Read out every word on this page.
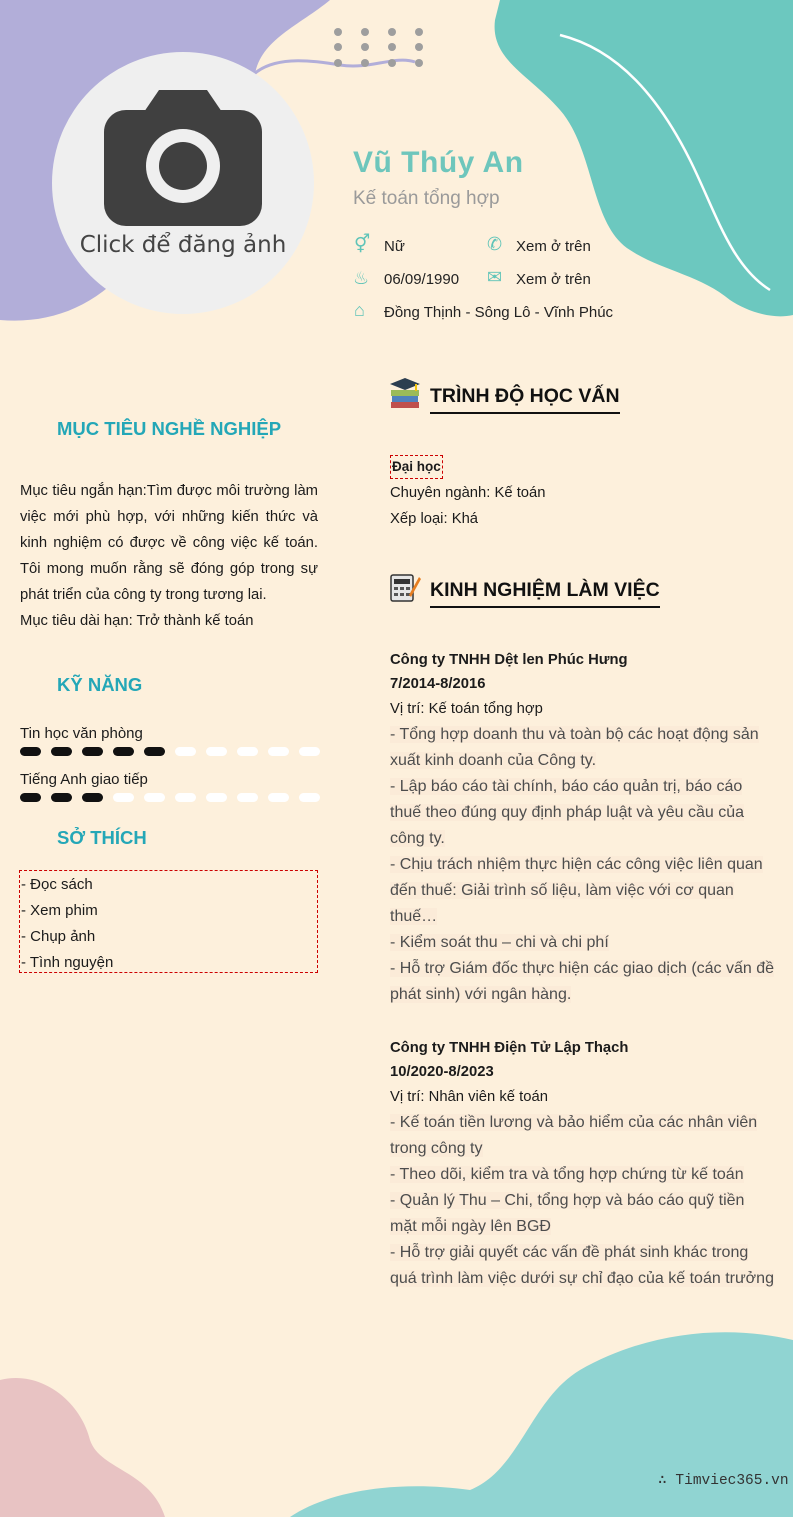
Click để đăng ảnh
Vũ Thúy An
Kế toán tổng hợp
⚥ Nữ	✆ Xem ở trên
♨ 06/09/1990 ✉ Xem ở trên
⌂ Đồng Thịnh - Sông Lô - Vĩnh Phúc
MỤC TIÊU NGHỀ NGHIỆP

Mục tiêu ngắn hạn:Tìm được môi trường làm việc mới phù hợp, với những kiến thức và kinh nghiệm có được về công việc kế toán. Tôi mong muốn rằng sẽ đóng góp trong sự phát triển của công ty trong tương lai.

Mục tiêu dài hạn: Trở thành kế toán

KỸ NĂNG
Tin học văn phòng
Tiếng Anh giao tiếp
SỞ THÍCH
- Đọc sách
- Xem phim
- Chụp ảnh
- Tình nguyện
TRÌNH ĐỘ HỌC VẤN
Đại học
Chuyên ngành: Kế toán
Xếp loại: Khá
KINH NGHIỆM LÀM VIỆC
Công ty TNHH Dệt len Phúc Hưng
7/2014-8/2016
Vị trí: Kế toán tổng hợp
- Tổng hợp doanh thu và toàn bộ các hoạt động sản xuất kinh doanh của Công ty.
- Lập báo cáo tài chính, báo cáo quản trị, báo cáo thuế theo đúng quy định pháp luật và yêu cầu của công ty.
- Chịu trách nhiệm thực hiện các công việc liên quan đến thuế: Giải trình số liệu, làm việc với cơ quan thuế…
- Kiểm soát thu – chi và chi phí
- Hỗ trợ Giám đốc thực hiện các giao dịch (các vấn đề phát sinh) với ngân hàng.
Công ty TNHH Điện Tử Lập Thạch
10/2020-8/2023
Vị trí: Nhân viên kế toán
- Kế toán tiền lương và bảo hiểm của các nhân viên trong công ty
- Theo dõi, kiểm tra và tổng hợp chứng từ kế toán
- Quản lý Thu – Chi, tổng hợp và báo cáo quỹ tiền mặt mỗi ngày lên BGĐ
- Hỗ trợ giải quyết các vấn đề phát sinh khác trong quá trình làm việc dưới sự chỉ đạo của kế toán trưởng
∴ Timviec365.vn
